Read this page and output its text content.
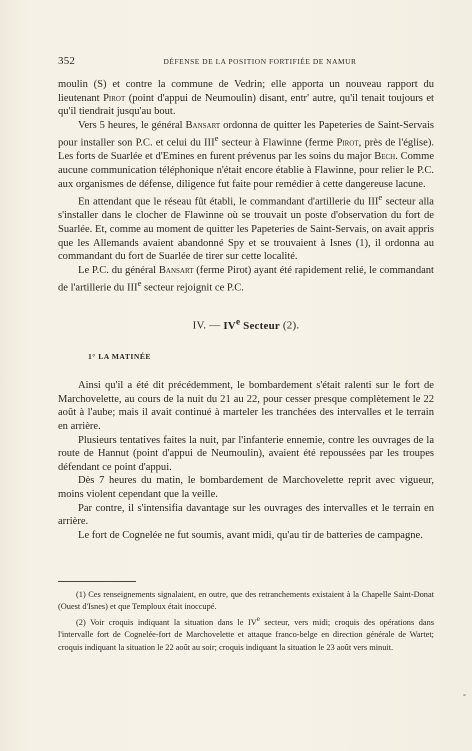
352	DÉFENSE DE LA POSITION FORTIFIÉE DE NAMUR

moulin (S) et contre la commune de Vedrin; elle apporta un nouveau rapport du lieutenant Pirot (point d'appui de Neumoulin) disant, entr' autre, qu'il tenait toujours et qu'il tiendrait jusqu'au bout.

Vers 5 heures, le général Bansart ordonna de quitter les Papeteries de Saint-Servais pour installer son P.C. et celui du IIIe secteur à Flawinne (ferme Pirot, près de l'église). Les forts de Suarlée et d'Emines en furent prévenus par les soins du major Bech. Comme aucune communication téléphonique n'était encore établie à Flawinne, pour relier le P.C. aux organismes de défense, diligence fut faite pour remédier à cette dangereuse lacune.

En attendant que le réseau fût établi, le commandant d'artillerie du IIIe secteur alla s'installer dans le clocher de Flawinne où se trouvait un poste d'observation du fort de Suarlée. Et, comme au moment de quitter les Papeteries de Saint-Servais, on avait appris que les Allemands avaient abandonné Spy et se trouvaient à Isnes (1), il ordonna au commandant du fort de Suarlée de tirer sur cette localité.

Le P.C. du général Bansart (ferme Pirot) ayant été rapidement relié, le commandant de l'artillerie du IIIe secteur rejoignit ce P.C.

IV. — IVe Secteur (2).

1° LA MATINÉE

Ainsi qu'il a été dit précédemment, le bombardement s'était ralenti sur le fort de Marchovelette, au cours de la nuit du 21 au 22, pour cesser presque complètement le 22 août à l'aube; mais il avait continué à marteler les tranchées des intervalles et le terrain en arrière.

Plusieurs tentatives faites la nuit, par l'infanterie ennemie, contre les ouvrages de la route de Hannut (point d'appui de Neumoulin), avaient été repoussées par les troupes défendant ce point d'appui.

Dès 7 heures du matin, le bombardement de Marchovelette reprit avec vigueur, moins violent cependant que la veille.

Par contre, il s'intensifia davantage sur les ouvrages des intervalles et le terrain en arrière.

Le fort de Cognelée ne fut soumis, avant midi, qu'au tir de batteries de campagne.

(1) Ces renseignements signalaient, en outre, que des retranchements existaient à la Chapelle Saint-Donat (Ouest d'Isnes) et que Temploux était inoccupé.

(2) Voir croquis indiquant la situation dans le IVe secteur, vers midi; croquis des opérations dans l'intervalle fort de Cognelée-fort de Marchovelette et attaque franco-belge en direction générale de Wartet; croquis indiquant la situation le 22 août au soir; croquis indiquant la situation le 23 août vers minuit.
